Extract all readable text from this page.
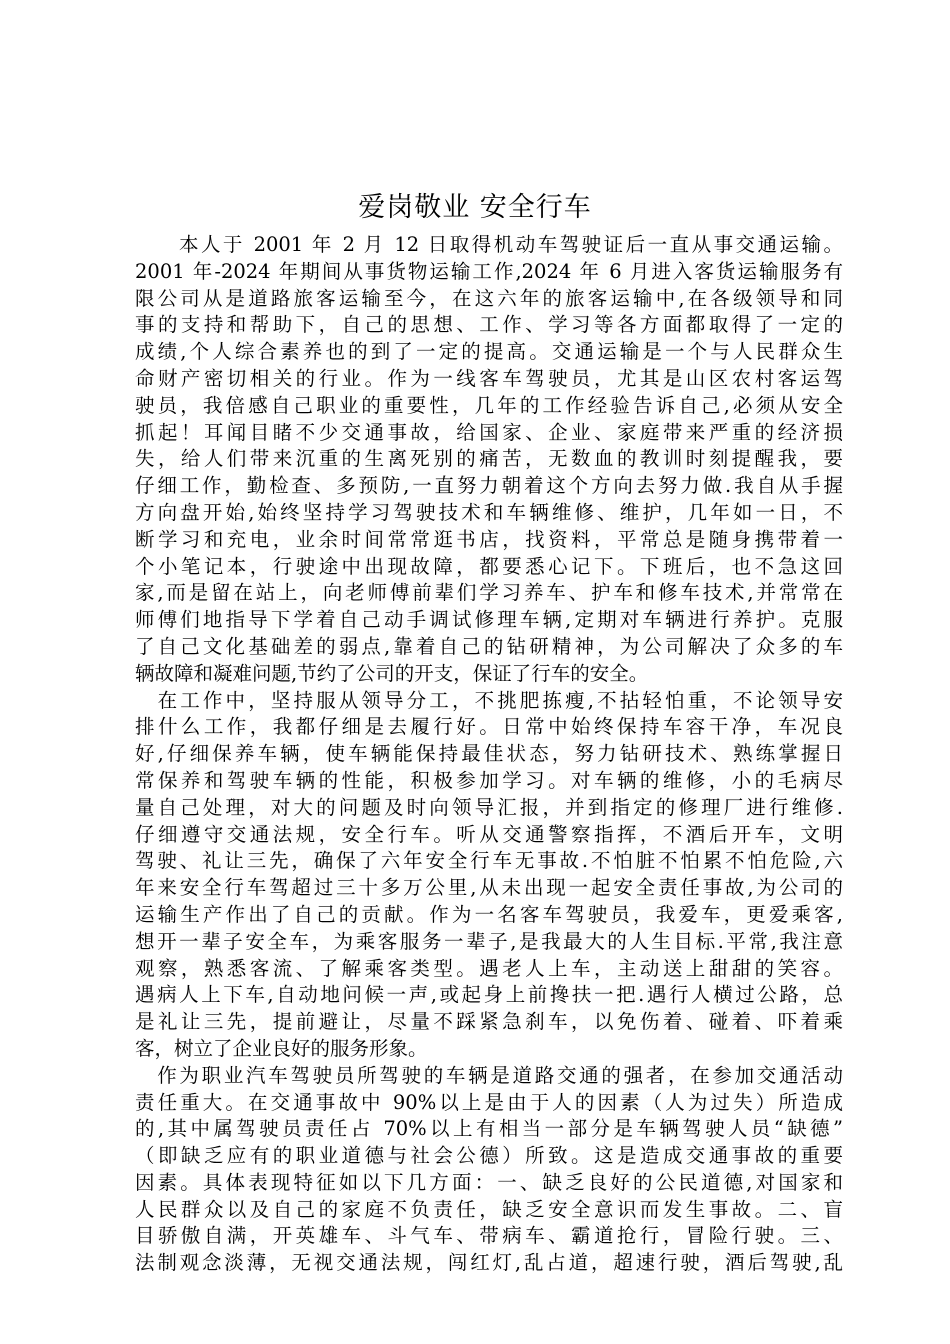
爱岗敬业 安全行车
　　本人于 2001 年 2 月 12 日取得机动车驾驶证后一直从事交通运输。
2001 年-2024 年期间从事货物运输工作,2024 年 6 月进入客货运输服务有
限公司从是道路旅客运输至今，在这六年的旅客运输中,在各级领导和同
事的支持和帮助下，自己的思想、工作、学习等各方面都取得了一定的
成绩,个人综合素养也的到了一定的提高。交通运输是一个与人民群众生
命财产密切相关的行业。作为一线客车驾驶员，尤其是山区农村客运驾
驶员，我倍感自己职业的重要性，几年的工作经验告诉自己,必须从安全
抓起！耳闻目睹不少交通事故，给国家、企业、家庭带来严重的经济损
失，给人们带来沉重的生离死别的痛苦，无数血的教训时刻提醒我，要
仔细工作，勤检查、多预防,一直努力朝着这个方向去努力做.我自从手握
方向盘开始,始终坚持学习驾驶技术和车辆维修、维护，几年如一日，不
断学习和充电，业余时间常常逛书店，找资料，平常总是随身携带着一
个小笔记本，行驶途中出现故障，都要悉心记下。下班后，也不急这回
家,而是留在站上，向老师傅前辈们学习养车、护车和修车技术,并常常在
师傅们地指导下学着自己动手调试修理车辆,定期对车辆进行养护。克服
了自己文化基础差的弱点,靠着自己的钻研精神，为公司解决了众多的车
辆故障和凝难问题,节约了公司的开支，保证了行车的安全。
　在工作中，坚持服从领导分工，不挑肥拣瘦,不拈轻怕重，不论领导安
排什么工作，我都仔细是去履行好。日常中始终保持车容干净，车况良
好,仔细保养车辆，使车辆能保持最佳状态，努力钻研技术、熟练掌握日
常保养和驾驶车辆的性能，积极参加学习。对车辆的维修，小的毛病尽
量自己处理，对大的问题及时向领导汇报，并到指定的修理厂进行维修.
仔细遵守交通法规，安全行车。听从交通警察指挥，不酒后开车，文明
驾驶、礼让三先，确保了六年安全行车无事故.不怕脏不怕累不怕危险,六
年来安全行车驾超过三十多万公里,从未出现一起安全责任事故,为公司的
运输生产作出了自己的贡献。作为一名客车驾驶员，我爱车，更爱乘客,
想开一辈子安全车，为乘客服务一辈子,是我最大的人生目标.平常,我注意
观察，熟悉客流、了解乘客类型。遇老人上车，主动送上甜甜的笑容。
遇病人上下车,自动地问候一声,或起身上前搀扶一把.遇行人横过公路，总
是礼让三先，提前避让，尽量不踩紧急刹车，以免伤着、碰着、吓着乘
客，树立了企业良好的服务形象。
　作为职业汽车驾驶员所驾驶的车辆是道路交通的强者，在参加交通活动
责任重大。在交通事故中 90%以上是由于人的因素（人为过失）所造成
的,其中属驾驶员责任占 70%以上有相当一部分是车辆驾驶人员“缺德”
（即缺乏应有的职业道德与社会公德）所致。这是造成交通事故的重要
因素。具体表现特征如以下几方面：一、缺乏良好的公民道德,对国家和
人民群众以及自己的家庭不负责任，缺乏安全意识而发生事故。二、盲
目骄傲自满，开英雄车、斗气车、带病车、霸道抢行，冒险行驶。三、
法制观念淡薄，无视交通法规，闯红灯,乱占道，超速行驶，酒后驾驶,乱
